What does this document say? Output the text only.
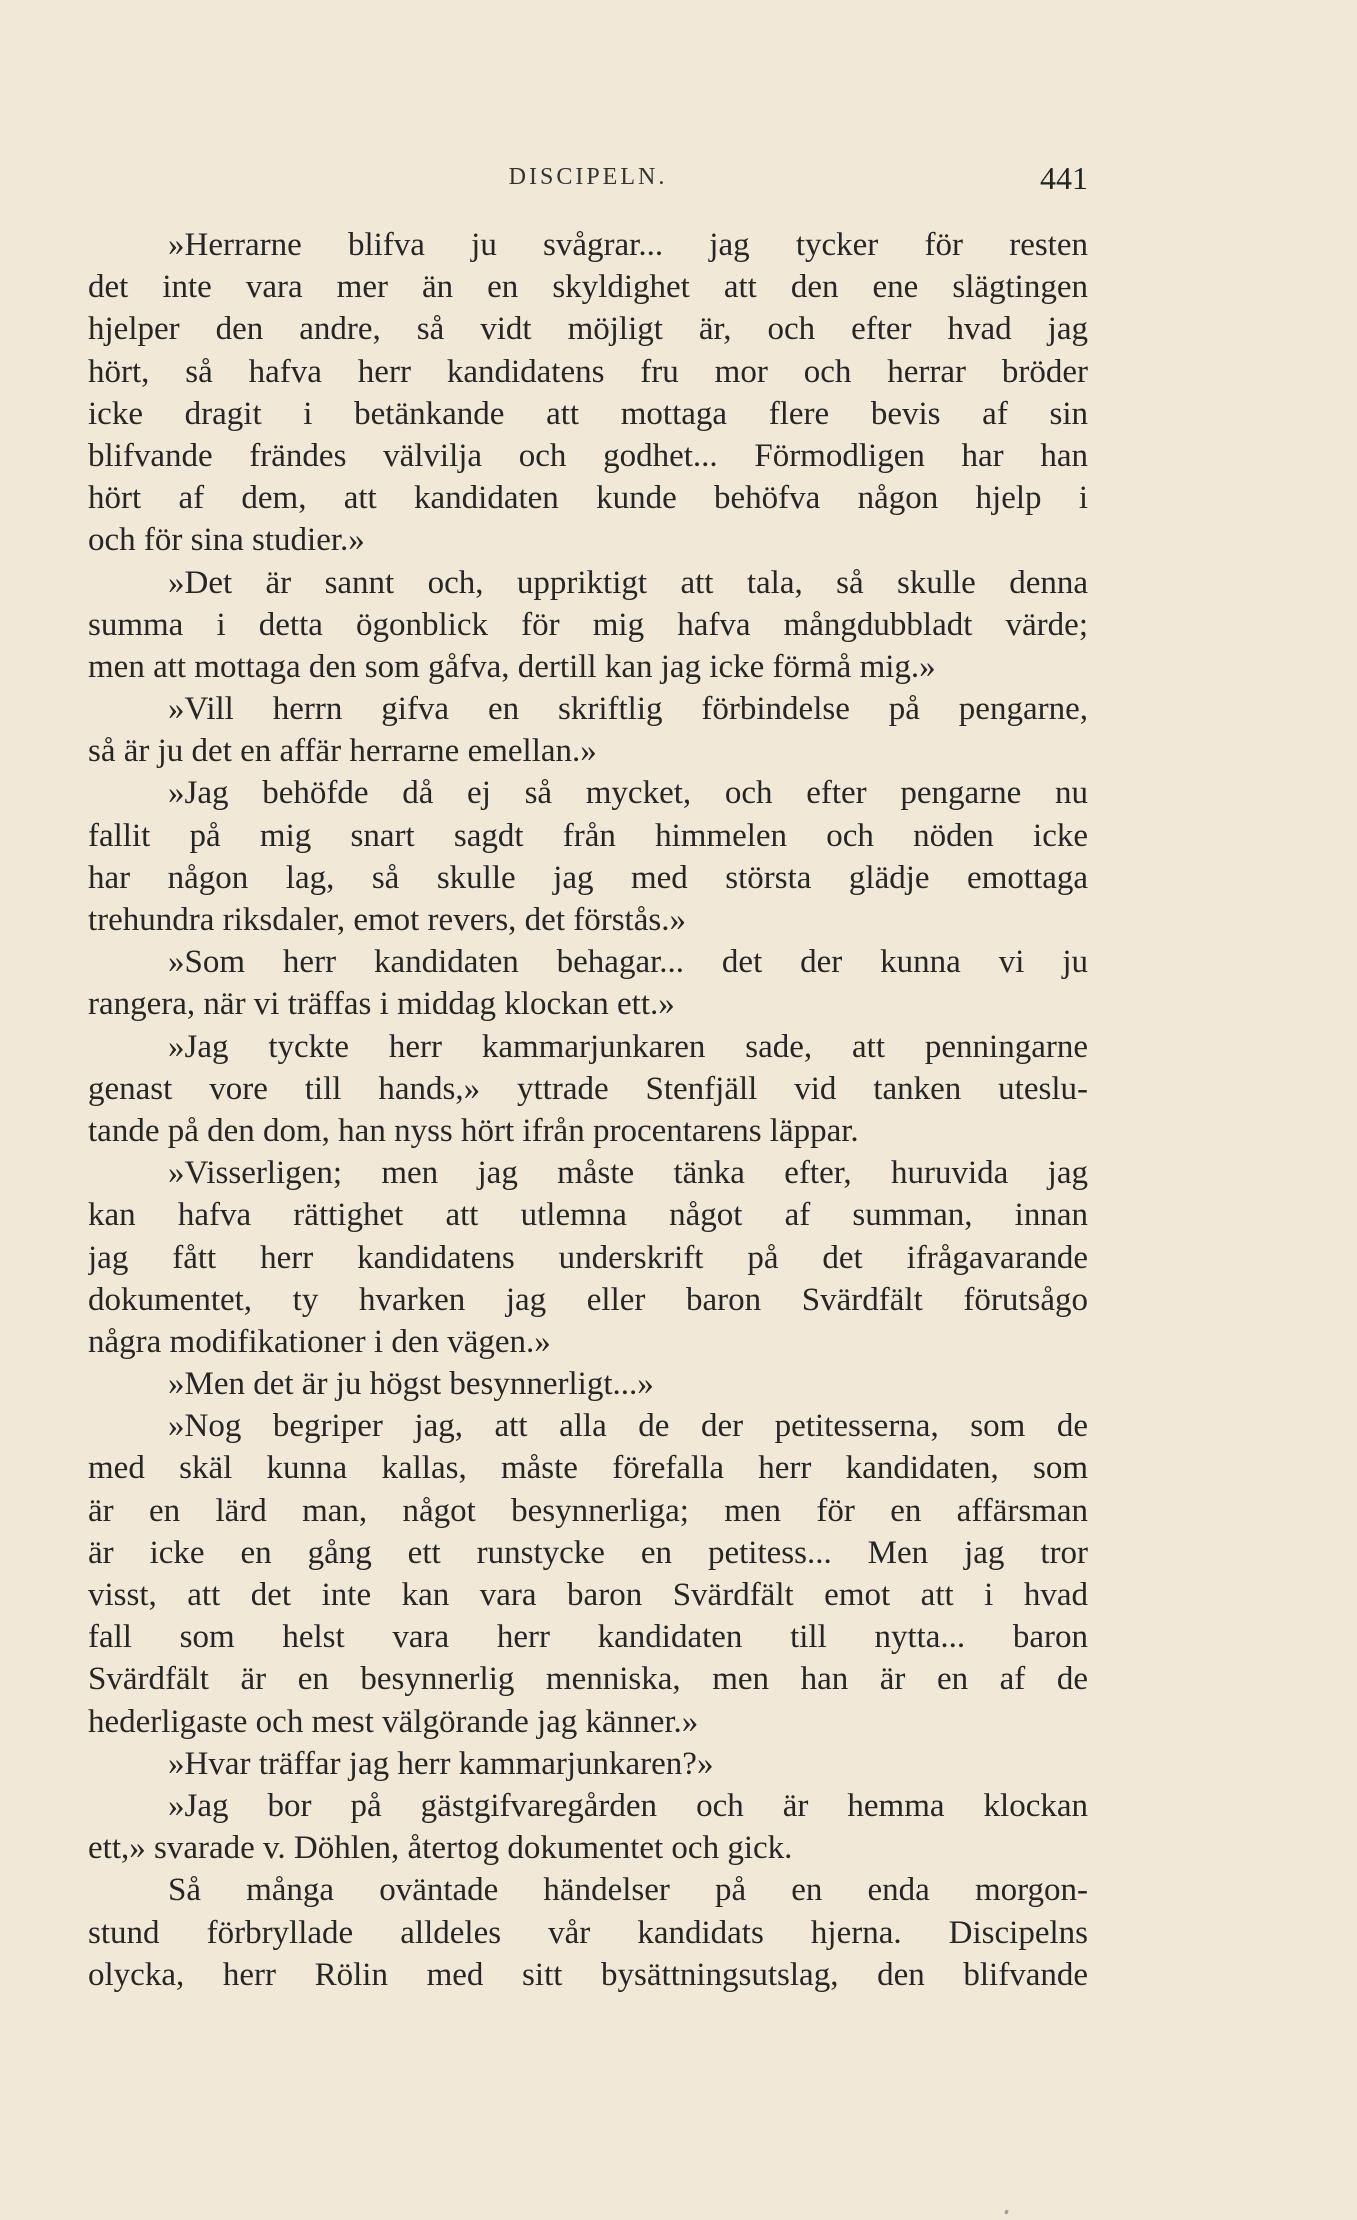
DISCIPELN.	441
»Herrarne blifva ju svågrar... jag tycker för resten
det inte vara mer än en skyldighet att den ene slägtingen
hjelper den andre, så vidt möjligt är, och efter hvad jag
hört, så hafva herr kandidatens fru mor och herrar bröder
icke dragit i betänkande att mottaga flere bevis af sin
blifvande frändes välvilja och godhet... Förmodligen har han
hört af dem, att kandidaten kunde behöfva någon hjelp i
och för sina studier.»
»Det är sannt och, uppriktigt att tala, så skulle denna
summa i detta ögonblick för mig hafva mångdubbladt värde;
men att mottaga den som gåfva, dertill kan jag icke förmå mig.»
»Vill herrn gifva en skriftlig förbindelse på pengarne,
så är ju det en affär herrarne emellan.»
»Jag behöfde då ej så mycket, och efter pengarne nu
fallit på mig snart sagdt från himmelen och nöden icke
har någon lag, så skulle jag med största glädje emottaga
trehundra riksdaler, emot revers, det förstås.»
»Som herr kandidaten behagar... det der kunna vi ju
rangera, när vi träffas i middag klockan ett.»
»Jag tyckte herr kammarjunkaren sade, att penningarne
genast vore till hands,» yttrade Stenfjäll vid tanken uteslu-
tande på den dom, han nyss hört ifrån procentarens läppar.
»Visserligen; men jag måste tänka efter, huruvida jag
kan hafva rättighet att utlemna något af summan, innan
jag fått herr kandidatens underskrift på det ifrågavarande
dokumentet, ty hvarken jag eller baron Svärdfält förutsågo
några modifikationer i den vägen.»
»Men det är ju högst besynnerligt...»
»Nog begriper jag, att alla de der petitesserna, som de
med skäl kunna kallas, måste förefalla herr kandidaten, som
är en lärd man, något besynnerliga; men för en affärsman
är icke en gång ett runstycke en petitess... Men jag tror
visst, att det inte kan vara baron Svärdfält emot att i hvad
fall som helst vara herr kandidaten till nytta... baron
Svärdfält är en besynnerlig menniska, men han är en af de
hederligaste och mest välgörande jag känner.»
»Hvar träffar jag herr kammarjunkaren?»
»Jag bor på gästgifvaregården och är hemma klockan
ett,» svarade v. Döhlen, återtog dokumentet och gick.
Så många oväntade händelser på en enda morgon-
stund förbryllade alldeles vår kandidats hjerna. Discipelns
olycka, herr Rölin med sitt bysättningsutslag, den blifvande
